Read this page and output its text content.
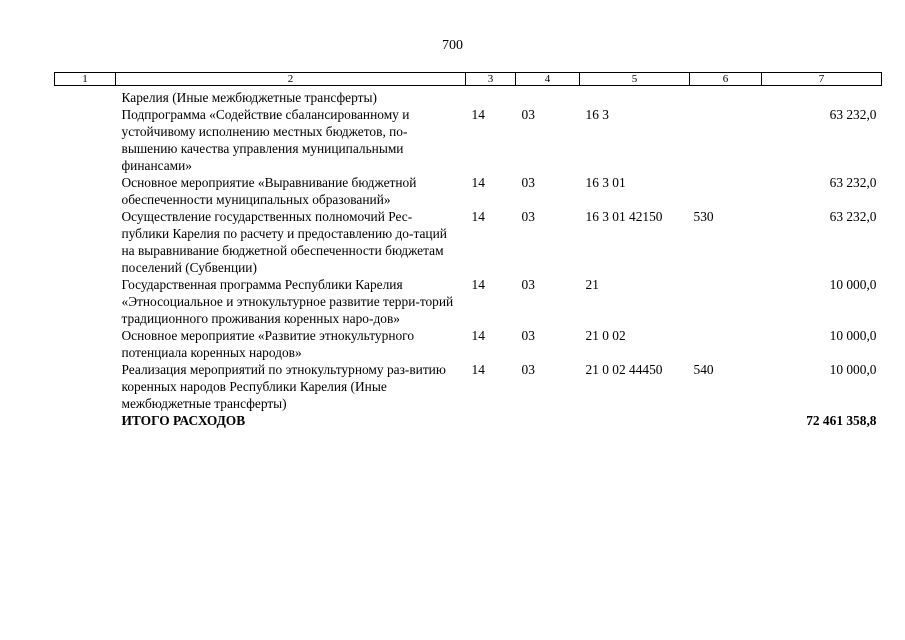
700
1	2	3	4	5	6	7
	Карелия (Иные межбюджетные трансферты)					
	Подпрограмма «Содействие сбалансированному и устойчивому исполнению местных бюджетов, по-вышению качества управления муниципальными финансами»	14	03	16 3		63 232,0
	Основное мероприятие «Выравнивание бюджетной обеспеченности муниципальных образований»	14	03	16 3 01		63 232,0
	Осуществление государственных полномочий Рес-публики Карелия по расчету и предоставлению до-таций на выравнивание бюджетной обеспеченности бюджетам поселений (Субвенции)	14	03	16 3 01 42150	530	63 232,0
	Государственная программа Республики Карелия «Этносоциальное и этнокультурное развитие терри-торий традиционного проживания коренных наро-дов»	14	03	21		10 000,0
	Основное мероприятие «Развитие этнокультурного потенциала коренных народов»	14	03	21 0 02		10 000,0
	Реализация мероприятий по этнокультурному раз-витию коренных народов Республики Карелия (Иные межбюджетные трансферты)	14	03	21 0 02 44450	540	10 000,0
	ИТОГО РАСХОДОВ					72 461 358,8
